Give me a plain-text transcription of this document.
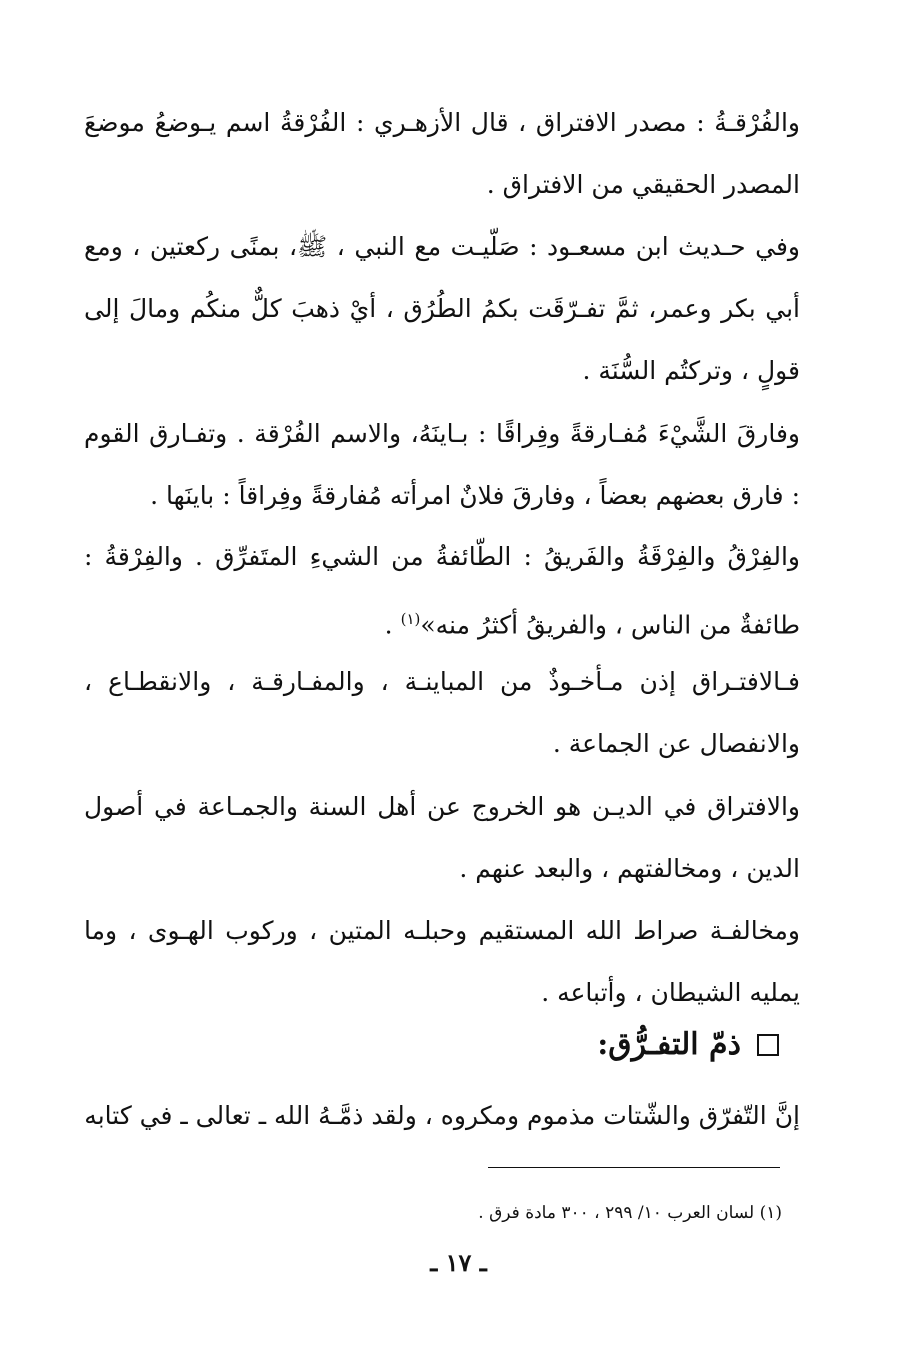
والفُرْقـةُ : مصدر الافتراق ، قال الأزهـري : الفُرْقةُ اسم يـوضعُ موضعَ المصدر الحقيقي من الافتراق .

وفي حـديث ابن مسعـود : صَلّيـت مع النبي ، ﷺ، بمنًى ركعتين ، ومع أبي بكر وعمر، ثمَّ تفـرّقَت بكمُ الطُرُق ، أيْ ذهبَ كلٌّ منكُم ومالَ إلى قولٍ ، وتركتُم السُّنَة .

وفارقَ الشَّيْءَ مُفـارقةً وفِراقًا : بـاينَهُ، والاسم الفُرْقة . وتفـارق القوم : فارق بعضهم بعضاً ، وفارقَ فلانٌ امرأته مُفارقةً وفِراقاً : باينَها .

والفِرْقُ والفِرْقَةُ والفَريقُ : الطّائفةُ من الشيءِ المتَفرِّق . والفِرْقةُ : طائفةٌ من الناس ، والفريقُ أكثرُ منه»$^{(١)}$ .

فـالافتـراق إذن مـأخـوذٌ من المباينـة ، والمفـارقـة ، والانقطـاع ، والانفصال عن الجماعة .

والافتراق في الديـن هو الخروج عن أهل السنة والجمـاعة في أصول الدين ، ومخالفتهم ، والبعد عنهم .

ومخالفـة صراط الله المستقيم وحبلـه المتين ، وركوب الهـوى ، وما يمليه الشيطان ، وأتباعه .

ذمّ التفـرُّق:

إنَّ التّفرّق والشّتات مذموم ومكروه ، ولقد ذمَّـهُ الله ـ تعالى ـ في كتابه

(١) لسان العرب ١٠/ ٢٩٩ ، ٣٠٠ مادة فرق .
ـ ١٧ ـ
